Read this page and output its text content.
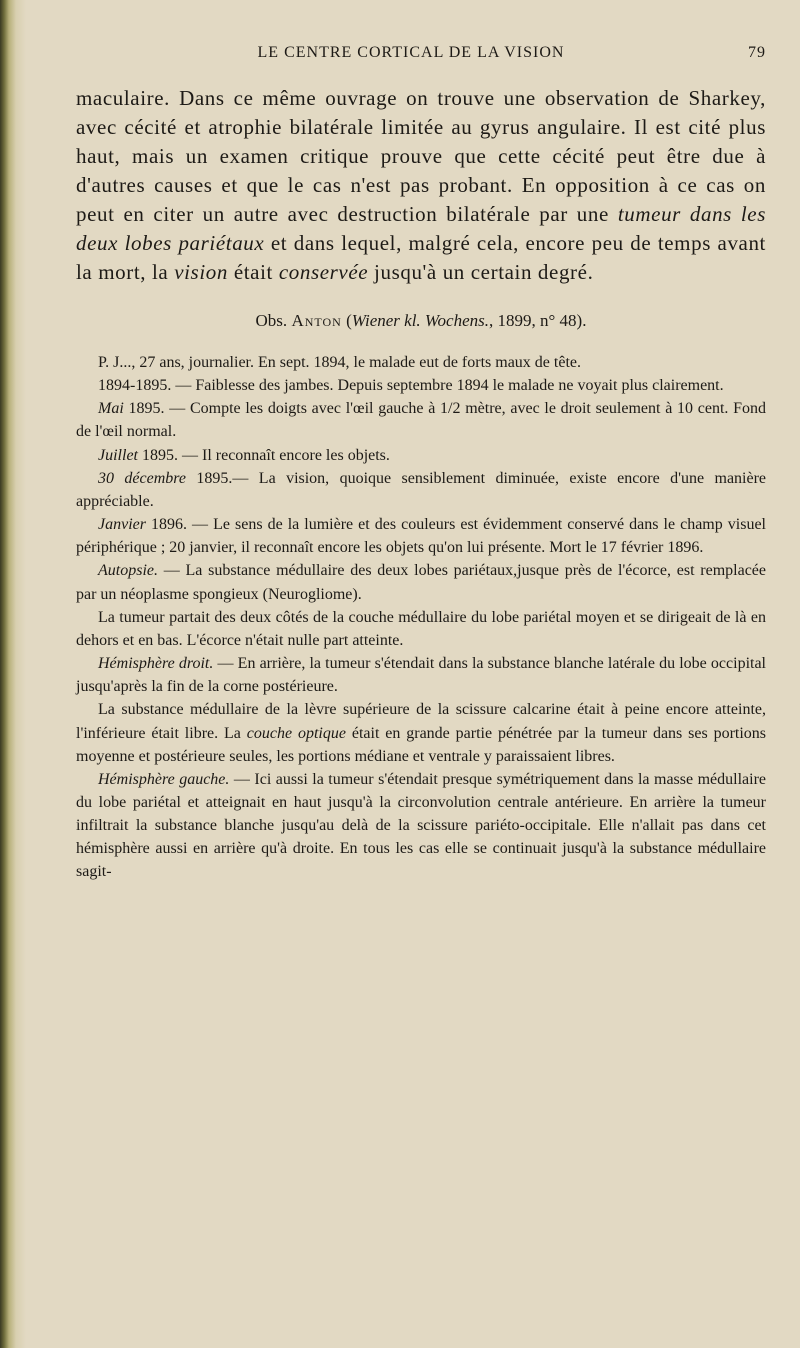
LE CENTRE CORTICAL DE LA VISION	79

maculaire. Dans ce même ouvrage on trouve une observation de Sharkey, avec cécité et atrophie bilatérale limitée au gyrus angulaire. Il est cité plus haut, mais un examen critique prouve que cette cécité peut être due à d'autres causes et que le cas n'est pas probant. En opposition à ce cas on peut en citer un autre avec destruction bilatérale par une tumeur dans les deux lobes pariétaux et dans lequel, malgré cela, encore peu de temps avant la mort, la vision était conservée jusqu'à un certain degré.

Obs. Anton (Wiener kl. Wochens., 1899, n° 48).

P. J..., 27 ans, journalier. En sept. 1894, le malade eut de forts maux de tête.

1894-1895. — Faiblesse des jambes. Depuis septembre 1894 le malade ne voyait plus clairement.

Mai 1895. — Compte les doigts avec l'œil gauche à 1/2 mètre, avec le droit seulement à 10 cent. Fond de l'œil normal.

Juillet 1895. — Il reconnaît encore les objets.

30 décembre 1895.— La vision, quoique sensiblement diminuée, existe encore d'une manière appréciable.

Janvier 1896. — Le sens de la lumière et des couleurs est évidemment conservé dans le champ visuel périphérique ; 20 janvier, il reconnaît encore les objets qu'on lui présente. Mort le 17 février 1896.

Autopsie. — La substance médullaire des deux lobes pariétaux,jusque près de l'écorce, est remplacée par un néoplasme spongieux (Neurogliome).

La tumeur partait des deux côtés de la couche médullaire du lobe pariétal moyen et se dirigeait de là en dehors et en bas. L'écorce n'était nulle part atteinte.

Hémisphère droit. — En arrière, la tumeur s'étendait dans la substance blanche latérale du lobe occipital jusqu'après la fin de la corne postérieure.

La substance médullaire de la lèvre supérieure de la scissure calcarine était à peine encore atteinte, l'inférieure était libre. La couche optique était en grande partie pénétrée par la tumeur dans ses portions moyenne et postérieure seules, les portions médiane et ventrale y paraissaient libres.

Hémisphère gauche. — Ici aussi la tumeur s'étendait presque symétriquement dans la masse médullaire du lobe pariétal et atteignait en haut jusqu'à la circonvolution centrale antérieure. En arrière la tumeur infiltrait la substance blanche jusqu'au delà de la scissure pariéto-occipitale. Elle n'allait pas dans cet hémisphère aussi en arrière qu'à droite. En tous les cas elle se continuait jusqu'à la substance médullaire sagit-
